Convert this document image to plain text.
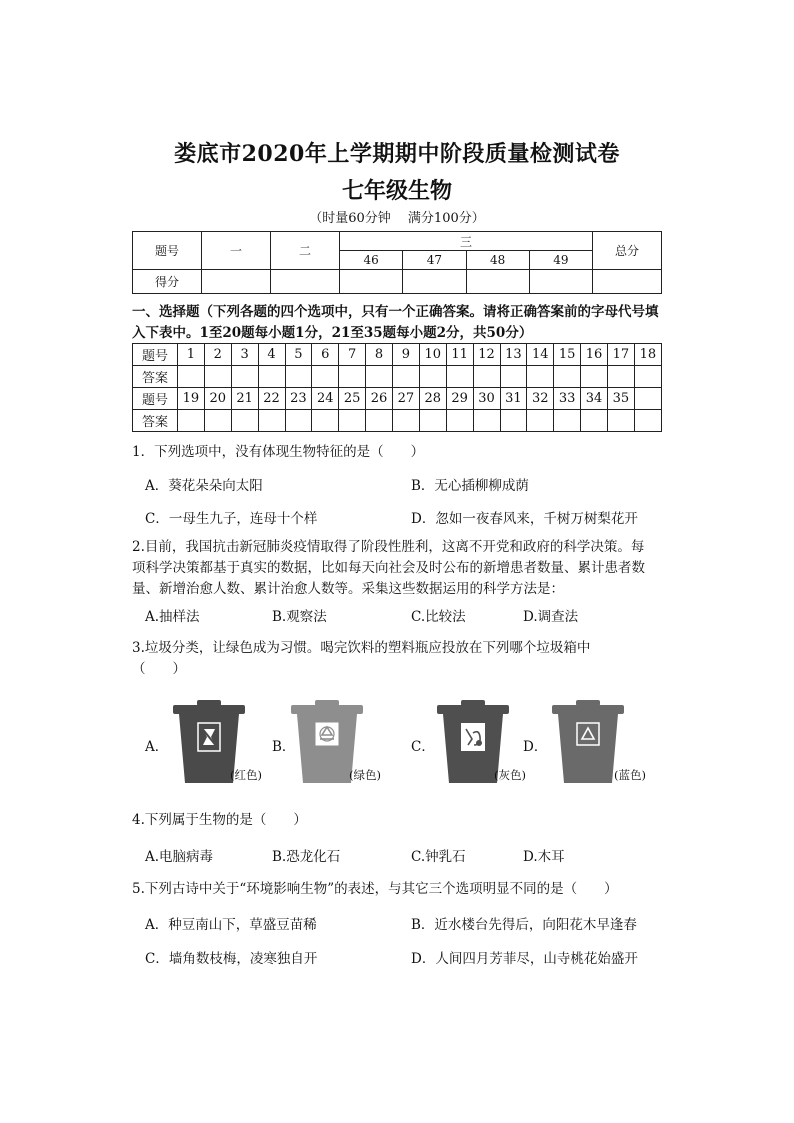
娄底市2020年上学期期中阶段质量检测试卷
七年级生物
（时量60分钟　 满分100分）
题号	一	二	三				总分
			46	47	48	49	
得分							
一、选择题（下列各题的四个选项中，只有一个正确答案。请将正确答案前的字母代号填入下表中。1至20题每小题1分，21至35题每小题2分，共50分）
题号	1	2	3	4	5	6	7	8	9	10	11	12	13	14	15	16	17	18
答案																		
题号	19	20	21	22	23	24	25	26	27	28	29	30	31	32	33	34	35	
答案																		
1．下列选项中，没有体现生物特征的是（　　）
A．葵花朵朵向太阳	B．无心插柳柳成荫
C．一母生九子，连母十个样	D．忽如一夜春风来，千树万树梨花开
2.目前，我国抗击新冠肺炎疫情取得了阶段性胜利，这离不开党和政府的科学决策。每项科学决策都基于真实的数据，比如每天向社会及时公布的新增患者数量、累计患者数量、新增治愈人数、累计治愈人数等。采集这些数据运用的科学方法是：
A.抽样法	B.观察法	C.比较法	D.调查法
3.垃圾分类，让绿色成为习惯。喝完饮料的塑料瓶应投放在下列哪个垃圾箱中（　　）
A．	B．	C．	D．
(红色)	(绿色)	(灰色)	(蓝色)
4.下列属于生物的是（　　）
A.电脑病毒	B.恐龙化石	C.钟乳石	D.木耳
5.下列古诗中关于“环境影响生物”的表述，与其它三个选项明显不同的是（　　）
A．种豆南山下，草盛豆苗稀	B．近水楼台先得后，向阳花木早逢春
C．墙角数枝梅，凌寒独自开	D．人间四月芳菲尽，山寺桃花始盛开
